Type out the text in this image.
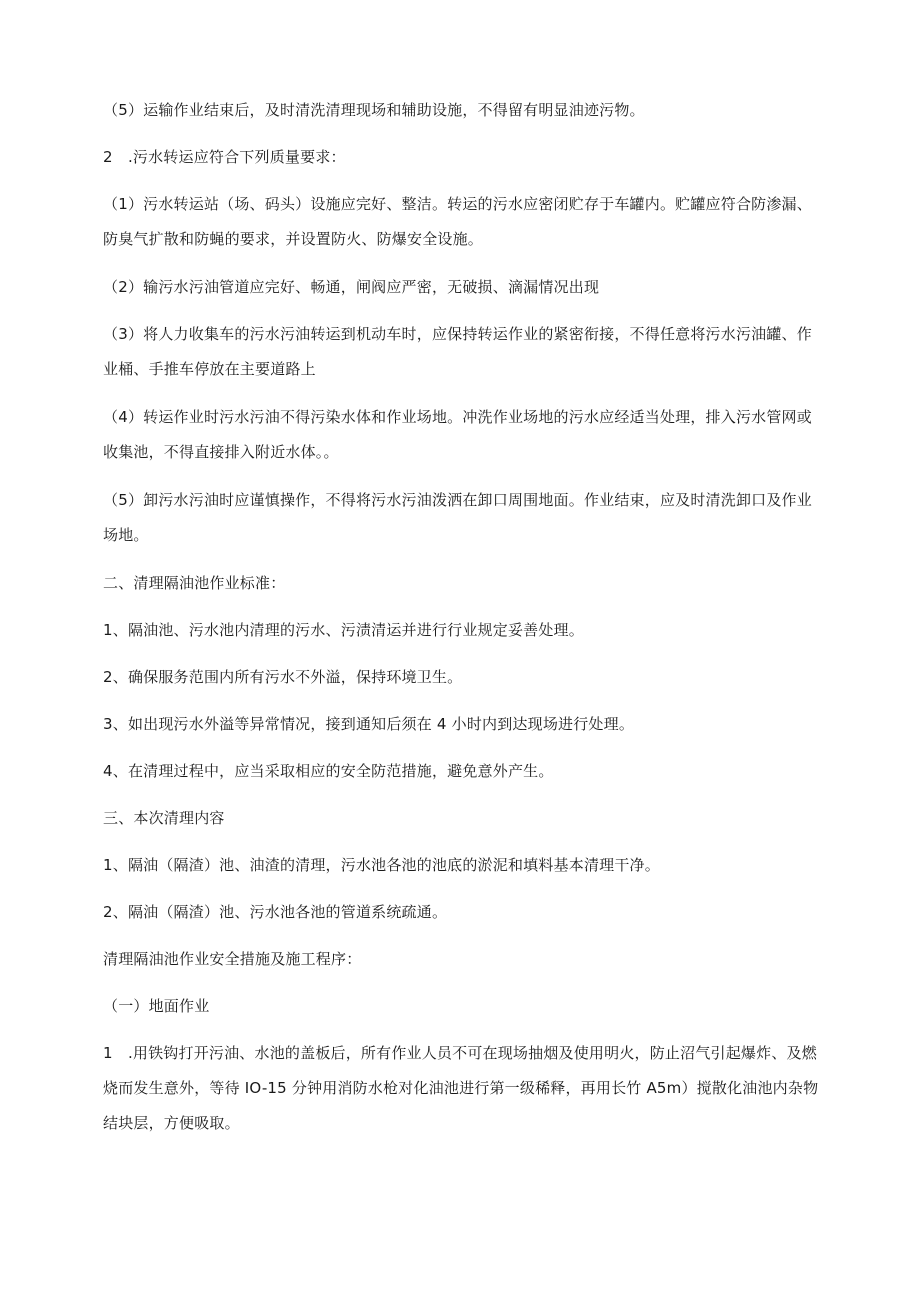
（5）运输作业结束后，及时清洗清理现场和辅助设施，不得留有明显油迹污物。

2　.污水转运应符合下列质量要求：

（1）污水转运站（场、码头）设施应完好、整洁。转运的污水应密闭贮存于车罐内。贮罐应符合防渗漏、防臭气扩散和防蝇的要求，并设置防火、防爆安全设施。

（2）输污水污油管道应完好、畅通，闸阀应严密，无破损、滴漏情况出现

（3）将人力收集车的污水污油转运到机动车时，应保持转运作业的紧密衔接，不得任意将污水污油罐、作业桶、手推车停放在主要道路上

（4）转运作业时污水污油不得污染水体和作业场地。冲洗作业场地的污水应经适当处理，排入污水管网或收集池，不得直接排入附近水体。。

（5）卸污水污油时应谨慎操作，不得将污水污油泼洒在卸口周围地面。作业结束，应及时清洗卸口及作业场地。

二、清理隔油池作业标准：

1、隔油池、污水池内清理的污水、污渍清运并进行行业规定妥善处理。

2、确保服务范围内所有污水不外溢，保持环境卫生。

3、如出现污水外溢等异常情况，接到通知后须在 4 小时内到达现场进行处理。

4、在清理过程中，应当采取相应的安全防范措施，避免意外产生。

三、本次清理内容

1、隔油（隔渣）池、油渣的清理，污水池各池的池底的淤泥和填料基本清理干净。

2、隔油（隔渣）池、污水池各池的管道系统疏通。

清理隔油池作业安全措施及施工程序：

（一）地面作业

1　.用铁钩打开污油、水池的盖板后，所有作业人员不可在现场抽烟及使用明火，防止沼气引起爆炸、及燃烧而发生意外，等待 IO-15 分钟用消防水枪对化油池进行第一级稀释，再用长竹 A5m）搅散化油池内杂物结块层，方便吸取。
